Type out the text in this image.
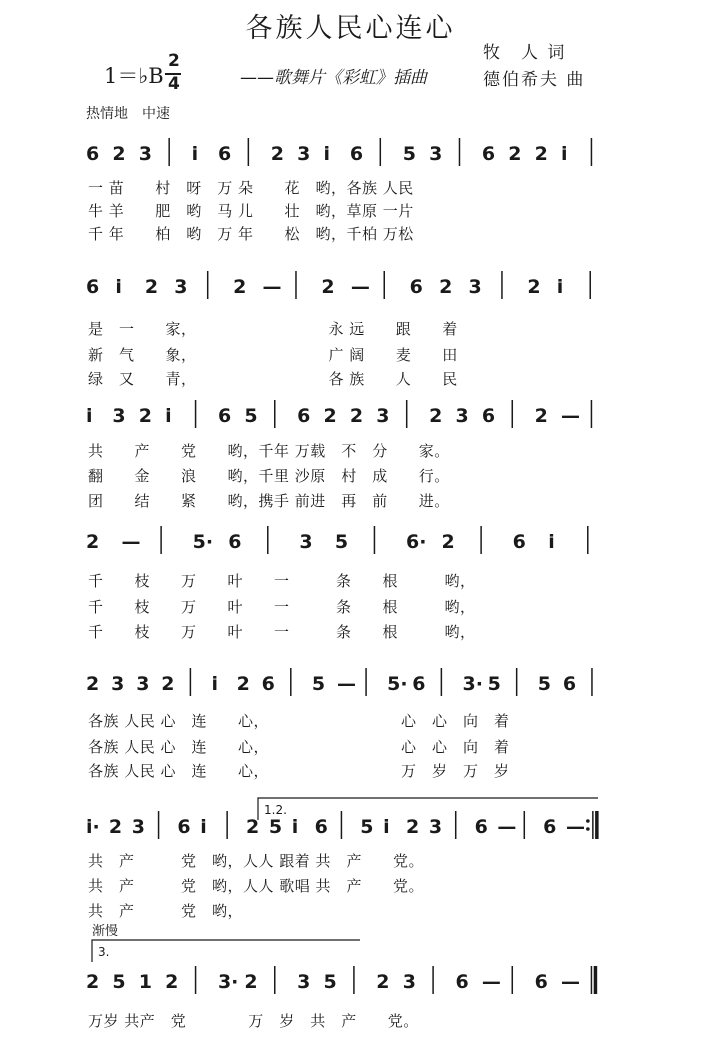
各族人民心连心
1＝♭B
2
4	——歌舞片《彩虹》插曲
牧　人 词
德伯希夫 曲
热情地　中速
渐慢
1.2.
3.
6 2 3 i 6 2 3 i 6 5 3 6 2 2 i
6 i 2 3 2 — 2 — 6 2 3 2 i
i 3 2 i 6 5 6 2 2 3 2 3 6 2 —
2 —	5· 6	3 5	6· 2	6 i
2 3 3 2 i 2 6 5 — 5· 6 3· 5 5 6
i· 2 3 6 i 2 5 i 6 5 i 2 3 6 — 6 —
2 5 1 2 3· 2 3 5 2 3 6 — 6 —
一 苗　　村　呀　万 朵　　花　哟，各族 人民
牛 羊　　肥　哟　马 儿　　壮　哟，草原 一片
千 年　　柏　哟　万 年　　松　哟，千柏 万松
是　一　　家，　　　　　　　　　永 远　　跟　　着
新　气　　象，　　　　　　　　　广 阔　　麦　　田
绿　又　　青，　　　　　　　　　各 族　　人　　民
共　　产　　党　　哟，千年 万载　不　分　　家。
翻　　金　　浪　　哟，千里 沙原　村　成　　行。
团　　结　　紧　　哟，携手 前进　再　前　　进。
千　　枝　　万　　叶　　一　　　条　　根　　　哟，
千　　枝　　万　　叶　　一　　　条　　根　　　哟，
千　　枝　　万　　叶　　一　　　条　　根　　　哟，
各族 人民 心　连　　心，　　　　　　　　　心　心　向　着
各族 人民 心　连　　心，　　　　　　　　　心　心　向　着
各族 人民 心　连　　心，　　　　　　　　　万　岁　万　岁
共　产　　　党　哟，人人 跟着 共　产　　党。
共　产　　　党　哟，人人 歌唱 共　产　　党。
共　产　　　党　哟，
万岁 共产　党　　　　万　岁　共　产　　党。
